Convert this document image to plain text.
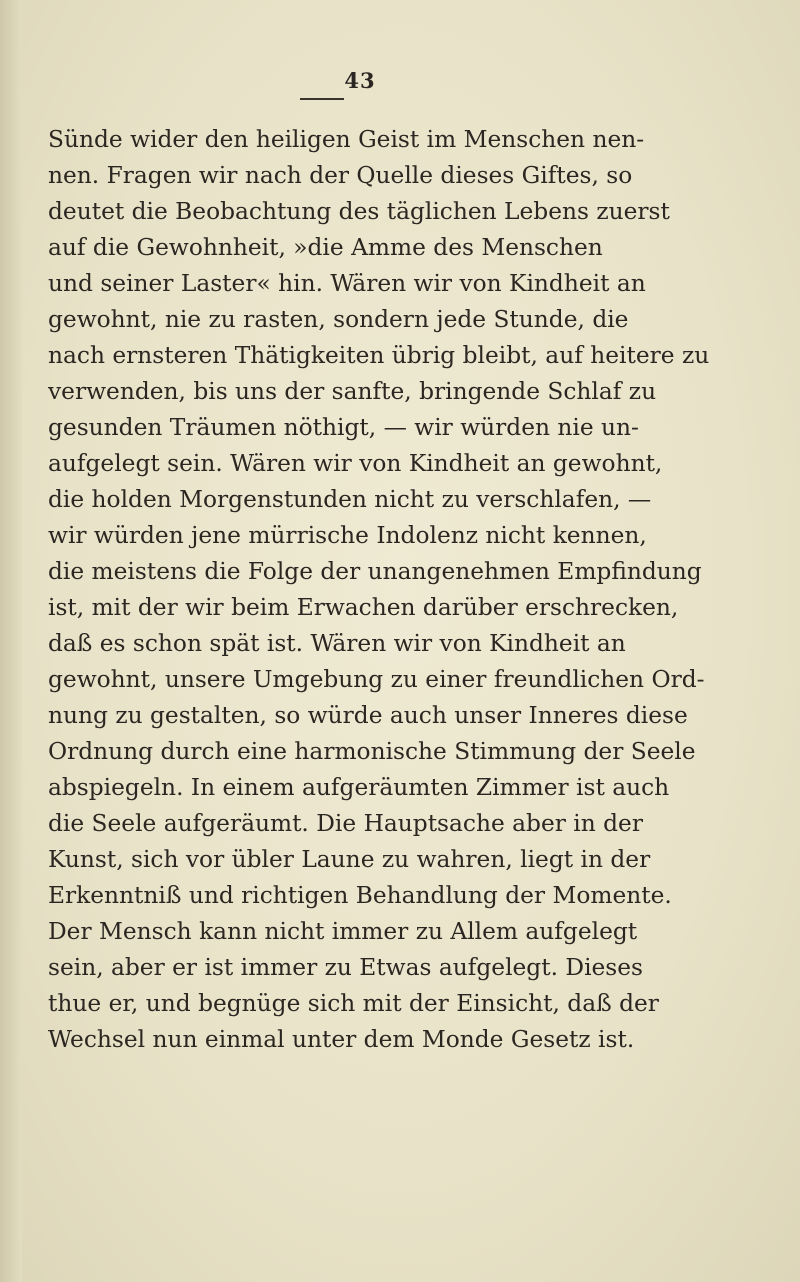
43
Sünde wider den heiligen Geist im Menschen nen-
nen. Fragen wir nach der Quelle dieses Giftes, so
deutet die Beobachtung des täglichen Lebens zuerst
auf die Gewohnheit, »die Amme des Menschen
und seiner Laster« hin. Wären wir von Kindheit an
gewohnt, nie zu rasten, sondern jede Stunde, die
nach ernsteren Thätigkeiten übrig bleibt, auf heitere zu
verwenden, bis uns der sanfte, bringende Schlaf zu
gesunden Träumen nöthigt, — wir würden nie un-
aufgelegt sein. Wären wir von Kindheit an gewohnt,
die holden Morgenstunden nicht zu verschlafen, —
wir würden jene mürrische Indolenz nicht kennen,
die meistens die Folge der unangenehmen Empfindung
ist, mit der wir beim Erwachen darüber erschrecken,
daß es schon spät ist. Wären wir von Kindheit an
gewohnt, unsere Umgebung zu einer freundlichen Ord-
nung zu gestalten, so würde auch unser Inneres diese
Ordnung durch eine harmonische Stimmung der Seele
abspiegeln. In einem aufgeräumten Zimmer ist auch
die Seele aufgeräumt. Die Hauptsache aber in der
Kunst, sich vor übler Laune zu wahren, liegt in der
Erkenntniß und richtigen Behandlung der Momente.
Der Mensch kann nicht immer zu Allem aufgelegt
sein, aber er ist immer zu Etwas aufgelegt. Dieses
thue er, und begnüge sich mit der Einsicht, daß der
Wechsel nun einmal unter dem Monde Gesetz ist.
